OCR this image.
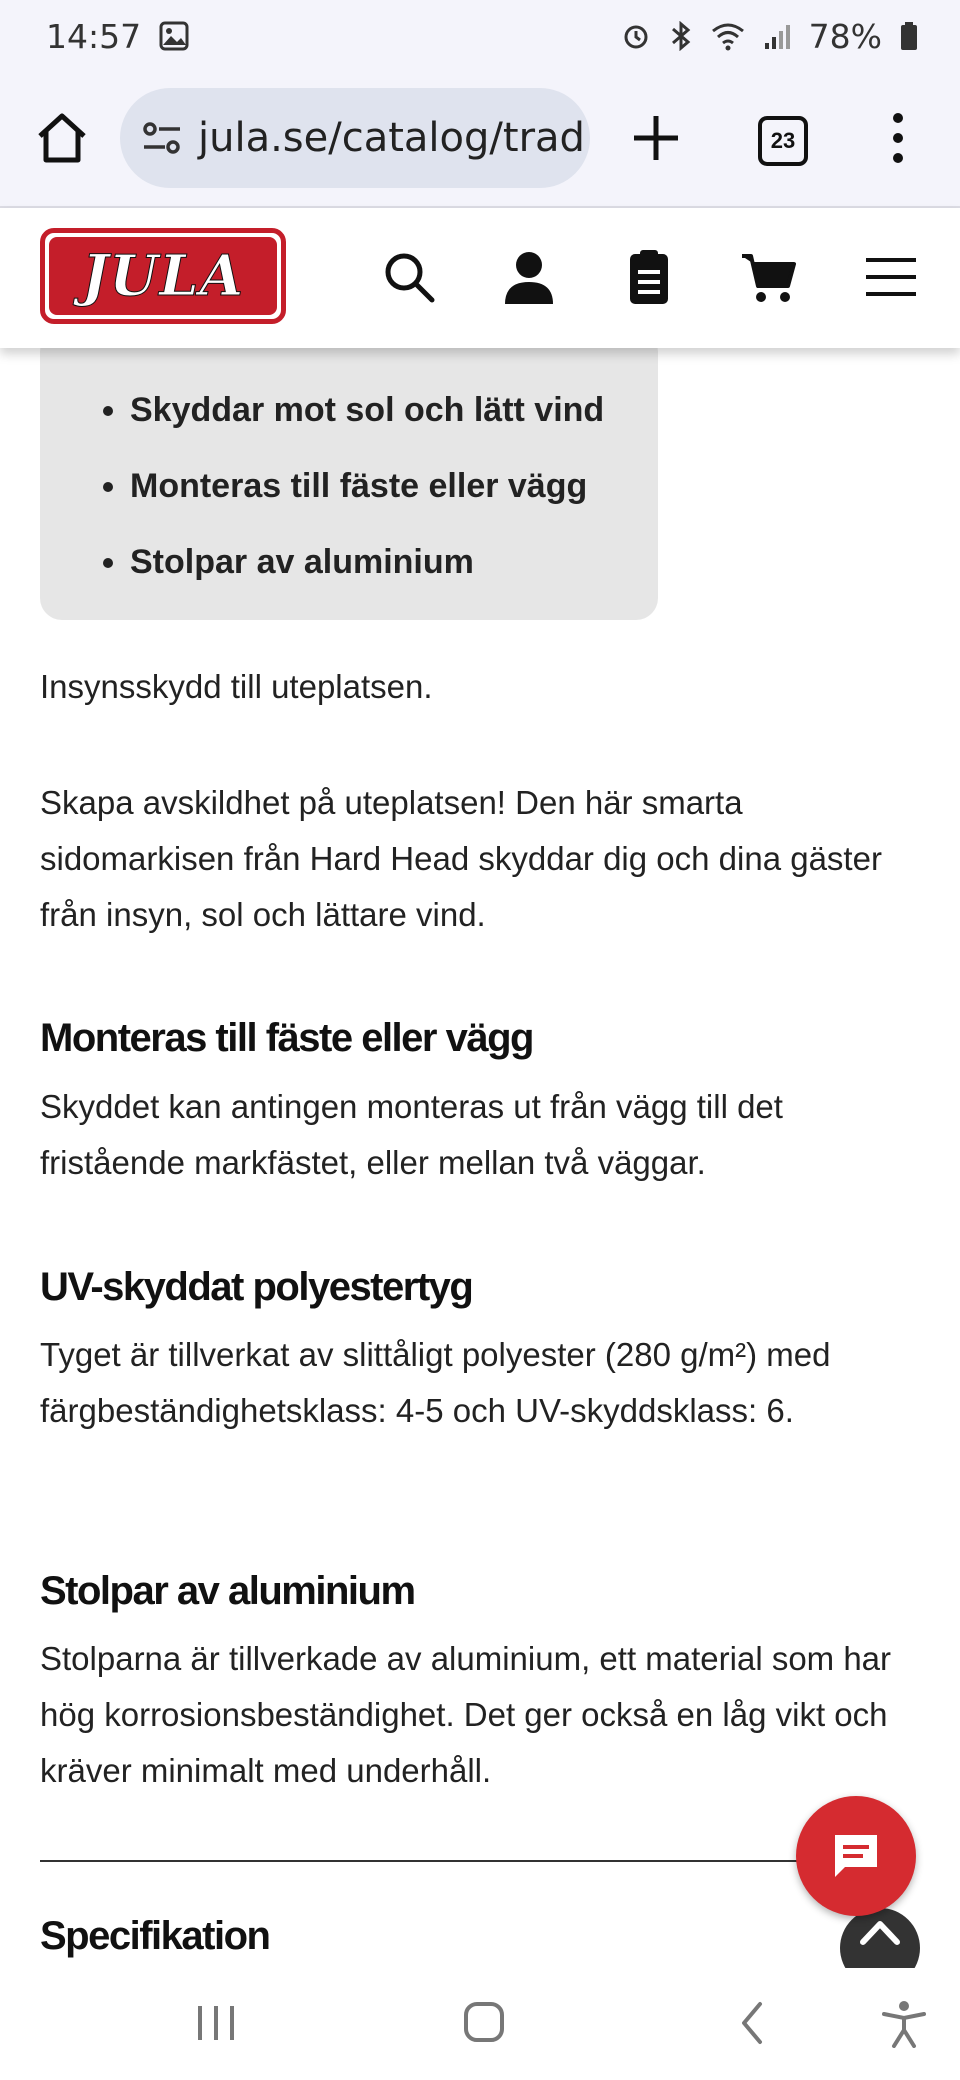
14:57	78%
jula.se/catalog/trad	23
JULA
• Skyddar mot sol och lätt vind
• Monteras till fäste eller vägg
• Stolpar av aluminium

Insynsskydd till uteplatsen.

Skapa avskildhet på uteplatsen! Den här smarta sidomarkisen från Hard Head skyddar dig och dina gäster från insyn, sol och lättare vind.

Monteras till fäste eller vägg

Skyddet kan antingen monteras ut från vägg till det fristående markfästet, eller mellan två väggar.

UV-skyddat polyestertyg

Tyget är tillverkat av slittåligt polyester (280 g/m²) med färgbeständighetsklass: 4-5 och UV-skyddsklass: 6.

Stolpar av aluminium

Stolparna är tillverkade av aluminium, ett material som har hög korrosionsbeständighet. Det ger också en låg vikt och kräver minimalt med underhåll.

Specifikation
